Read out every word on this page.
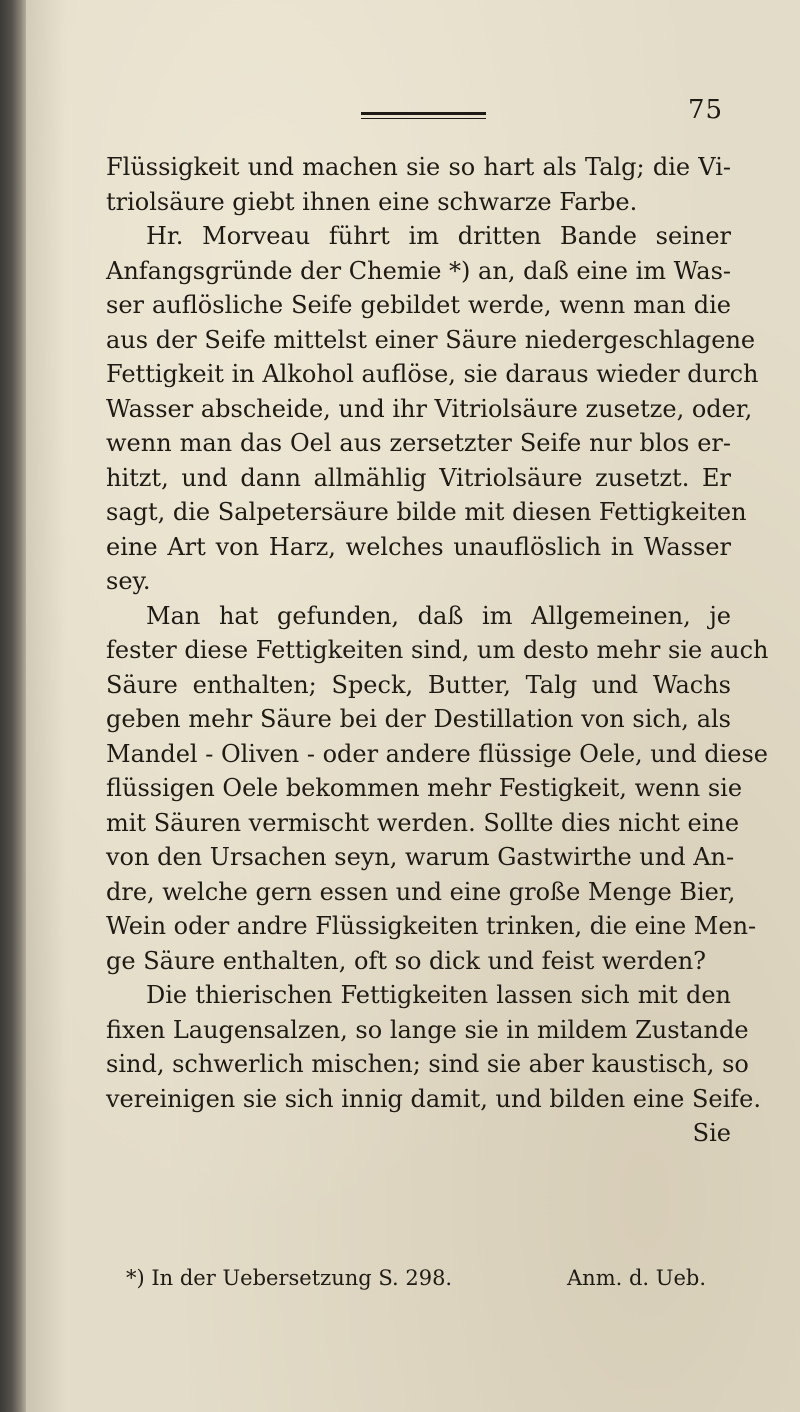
75
Flüssigkeit und machen sie so hart als Talg; die Vi-
triolsäure giebt ihnen eine schwarze Farbe.
Hr. Morveau führt im dritten Bande seiner
Anfangsgründe der Chemie *) an, daß eine im Was-
ser auflösliche Seife gebildet werde, wenn man die
aus der Seife mittelst einer Säure niedergeschlagene
Fettigkeit in Alkohol auflöse, sie daraus wieder durch
Wasser abscheide, und ihr Vitriolsäure zusetze, oder,
wenn man das Oel aus zersetzter Seife nur blos er-
hitzt, und dann allmählig Vitriolsäure zusetzt. Er
sagt, die Salpetersäure bilde mit diesen Fettigkeiten
eine Art von Harz, welches unauflöslich in Wasser
sey.
Man hat gefunden, daß im Allgemeinen, je
fester diese Fettigkeiten sind, um desto mehr sie auch
Säure enthalten; Speck, Butter, Talg und Wachs
geben mehr Säure bei der Destillation von sich, als
Mandel - Oliven - oder andere flüssige Oele, und diese
flüssigen Oele bekommen mehr Festigkeit, wenn sie
mit Säuren vermischt werden. Sollte dies nicht eine
von den Ursachen seyn, warum Gastwirthe und An-
dre, welche gern essen und eine große Menge Bier,
Wein oder andre Flüssigkeiten trinken, die eine Men-
ge Säure enthalten, oft so dick und feist werden?
Die thierischen Fettigkeiten lassen sich mit den
fixen Laugensalzen, so lange sie in mildem Zustande
sind, schwerlich mischen; sind sie aber kaustisch, so
vereinigen sie sich innig damit, und bilden eine Seife.
Sie
*) In der Uebersetzung S. 298.	Anm. d. Ueb.
